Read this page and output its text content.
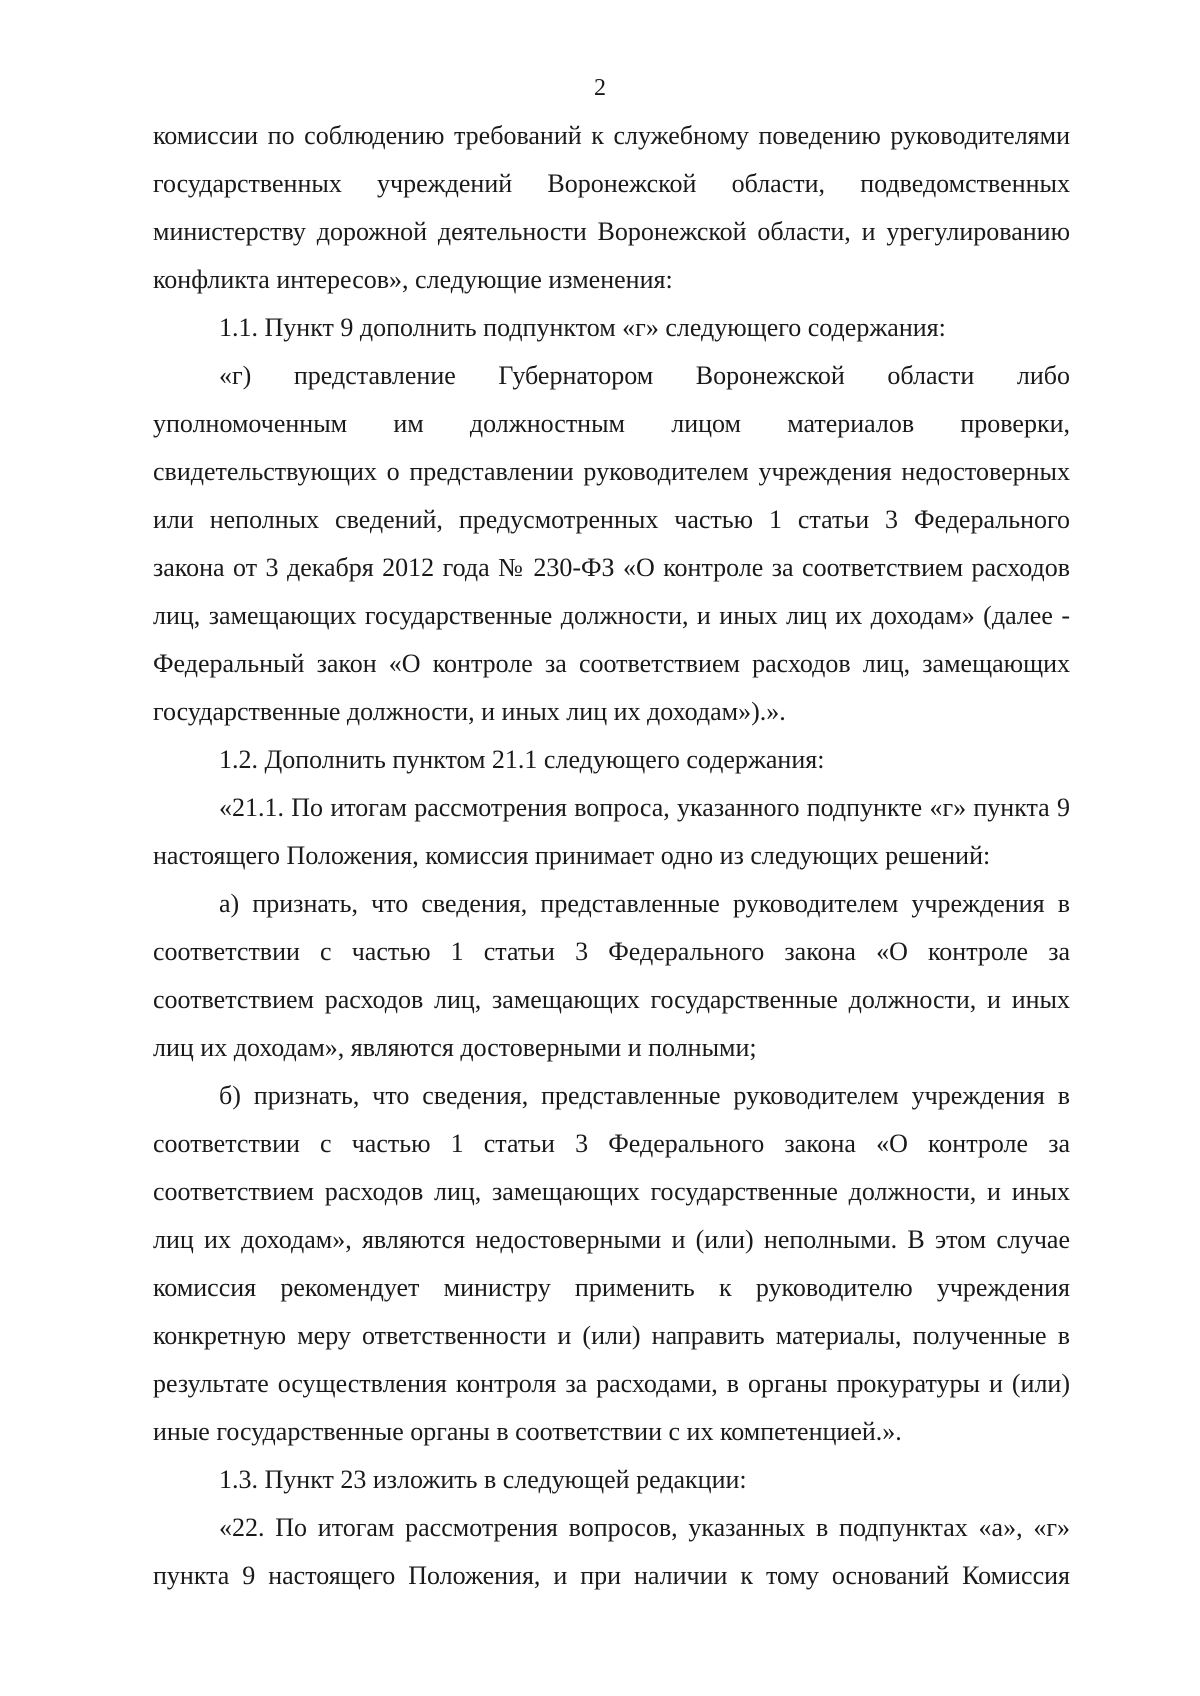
2

комиссии по соблюдению требований к служебному поведению руководителями государственных учреждений Воронежской области, подведомственных министерству дорожной деятельности Воронежской области, и урегулированию конфликта интересов», следующие изменения:

1.1. Пункт 9 дополнить подпунктом «г» следующего содержания:

«г) представление Губернатором Воронежской области либо уполномоченным им должностным лицом материалов проверки, свидетельствующих о представлении руководителем учреждения недостоверных или неполных сведений, предусмотренных частью 1 статьи 3 Федерального закона от 3 декабря 2012 года № 230-ФЗ «О контроле за соответствием расходов лиц, замещающих государственные должности, и иных лиц их доходам» (далее - Федеральный закон «О контроле за соответствием расходов лиц, замещающих государственные должности, и иных лиц их доходам»).».

1.2. Дополнить пунктом 21.1 следующего содержания:

«21.1. По итогам рассмотрения вопроса, указанного подпункте «г» пункта 9 настоящего Положения, комиссия принимает одно из следующих решений:

а) признать, что сведения, представленные руководителем учреждения в соответствии с частью 1 статьи 3 Федерального закона «О контроле за соответствием расходов лиц, замещающих государственные должности, и иных лиц их доходам», являются достоверными и полными;

б) признать, что сведения, представленные руководителем учреждения в соответствии с частью 1 статьи 3 Федерального закона «О контроле за соответствием расходов лиц, замещающих государственные должности, и иных лиц их доходам», являются недостоверными и (или) неполными. В этом случае комиссия рекомендует министру применить к руководителю учреждения конкретную меру ответственности и (или) направить материалы, полученные в результате осуществления контроля за расходами, в органы прокуратуры и (или) иные государственные органы в соответствии с их компетенцией.».

1.3. Пункт 23 изложить в следующей редакции:

«22. По итогам рассмотрения вопросов, указанных в подпунктах «а», «г» пункта 9 настоящего Положения, и при наличии к тому оснований Комиссия
